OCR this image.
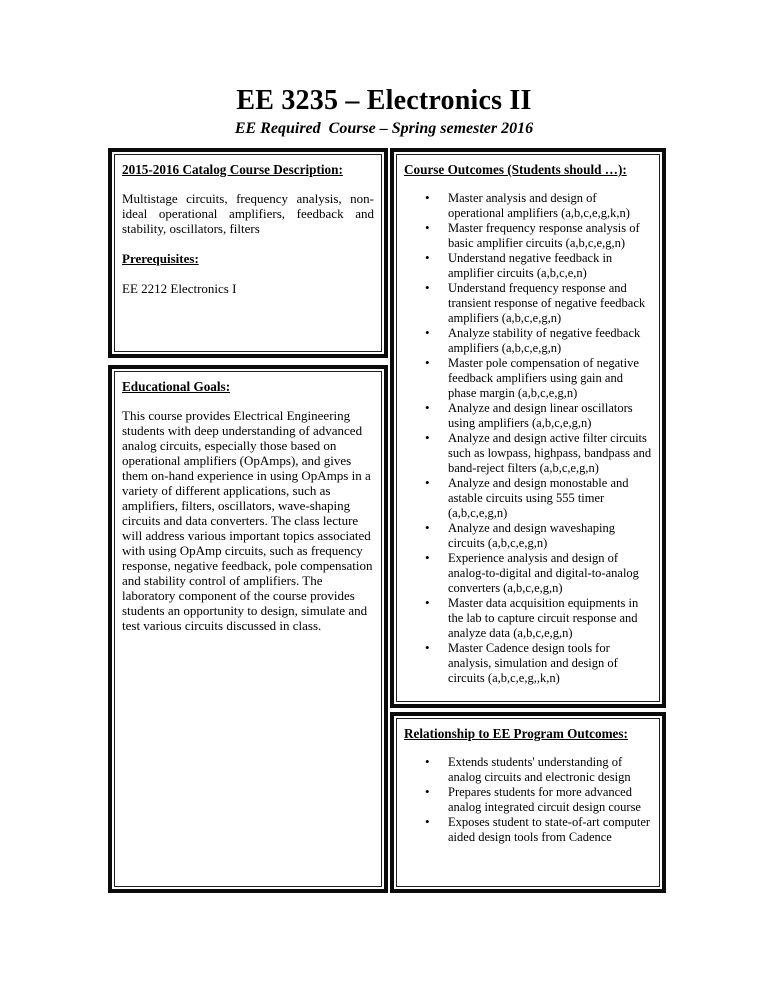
EE 3235 – Electronics II
EE Required  Course – Spring semester 2016
2015-2016 Catalog Course Description:

Multistage circuits, frequency analysis, non-ideal operational amplifiers, feedback and stability, oscillators, filters

Prerequisites:

EE 2212 Electronics I

Educational Goals:

This course provides Electrical Engineering students with deep understanding of advanced analog circuits, especially those based on operational amplifiers (OpAmps), and gives them on-hand experience in using OpAmps in a variety of different applications, such as amplifiers, filters, oscillators, wave-shaping circuits and data converters. The class lecture will address various important topics associated with using OpAmp circuits, such as frequency response, negative feedback, pole compensation and stability control of amplifiers. The laboratory component of the course provides students an opportunity to design, simulate and test various circuits discussed in class.

Course Outcomes (Students should …):
• Master analysis and design of operational amplifiers (a,b,c,e,g,k,n)
• Master frequency response analysis of basic amplifier circuits (a,b,c,e,g,n)
• Understand negative feedback in amplifier circuits (a,b,c,e,n)
• Understand frequency response and transient response of negative feedback amplifiers (a,b,c,e,g,n)
• Analyze stability of negative feedback amplifiers (a,b,c,e,g,n)
• Master pole compensation of negative feedback amplifiers using gain and phase margin (a,b,c,e,g,n)
• Analyze and design linear oscillators using amplifiers (a,b,c,e,g,n)
• Analyze and design active filter circuits such as lowpass, highpass, bandpass and band-reject filters (a,b,c,e,g,n)
• Analyze and design monostable and astable circuits using 555 timer (a,b,c,e,g,n)
• Analyze and design waveshaping circuits (a,b,c,e,g,n)
• Experience analysis and design of analog-to-digital and digital-to-analog converters (a,b,c,e,g,n)
• Master data acquisition equipments in the lab to capture circuit response and analyze data (a,b,c,e,g,n)
• Master Cadence design tools for analysis, simulation and design of circuits (a,b,c,e,g,,k,n)
Relationship to EE Program Outcomes:
• Extends students' understanding of analog circuits and electronic design
• Prepares students for more advanced analog integrated circuit design course
• Exposes student to state-of-art computer aided design tools from Cadence
